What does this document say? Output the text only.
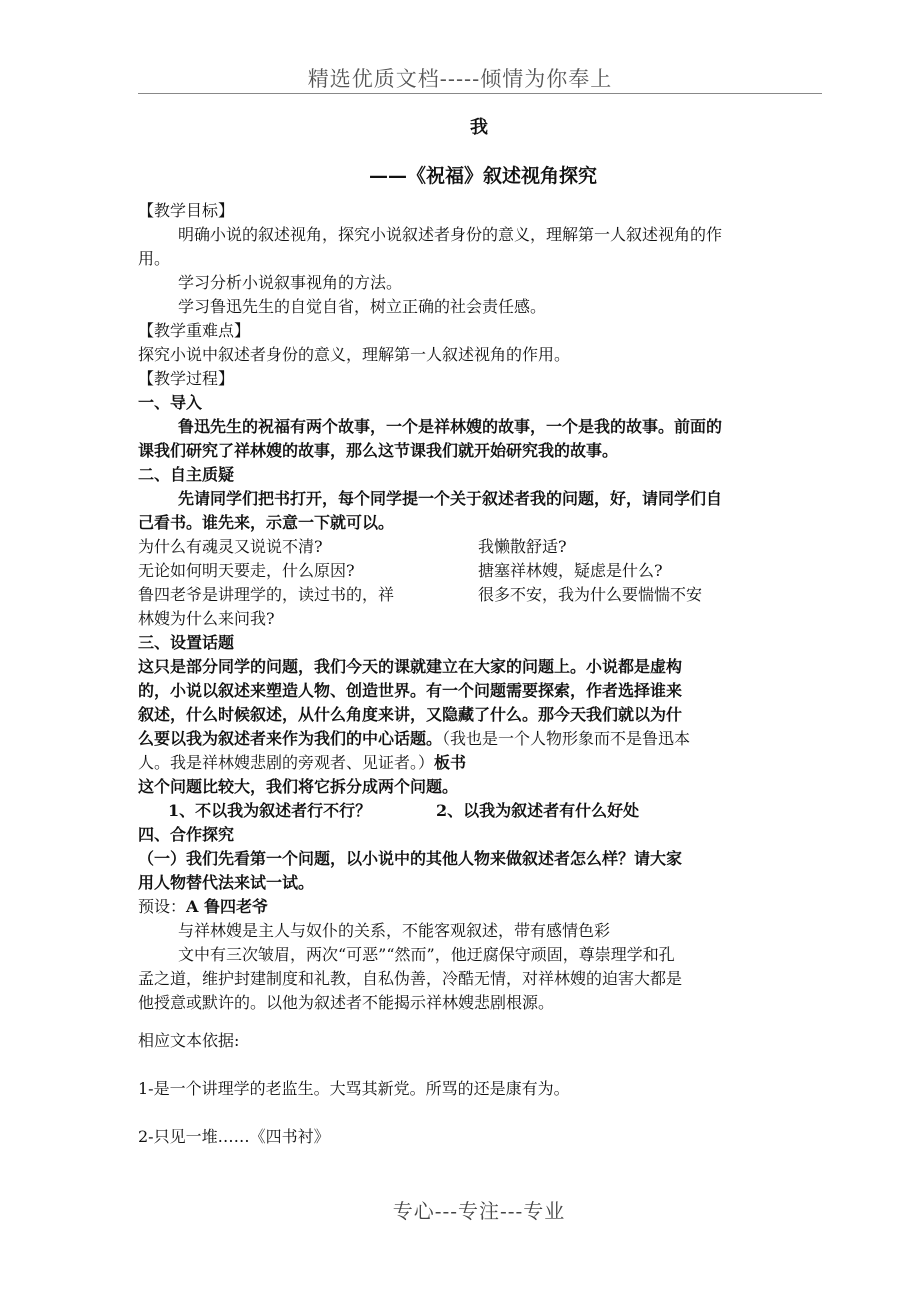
精选优质文档-----倾情为你奉上
我
——《祝福》叙述视角探究
【教学目标】
明确小说的叙述视角，探究小说叙述者身份的意义，理解第一人叙述视角的作
用。
学习分析小说叙事视角的方法。
学习鲁迅先生的自觉自省，树立正确的社会责任感。
【教学重难点】
探究小说中叙述者身份的意义，理解第一人叙述视角的作用。
【教学过程】
一、导入
鲁迅先生的祝福有两个故事，一个是祥林嫂的故事，一个是我的故事。前面的
课我们研究了祥林嫂的故事，那么这节课我们就开始研究我的故事。
二、自主质疑
先请同学们把书打开，每个同学提一个关于叙述者我的问题，好，请同学们自
己看书。谁先来，示意一下就可以。
为什么有魂灵又说说不清?	我懒散舒适?
无论如何明天要走，什么原因?	搪塞祥林嫂，疑虑是什么?
鲁四老爷是讲理学的，读过书的，祥	很多不安，我为什么要惴惴不安
林嫂为什么来问我?
三、设置话题
这只是部分同学的问题，我们今天的课就建立在大家的问题上。小说都是虚构
的，小说以叙述来塑造人物、创造世界。有一个问题需要探索，作者选择谁来
叙述，什么时候叙述，从什么角度来讲，又隐藏了什么。那今天我们就以为什
么要以我为叙述者来作为我们的中心话题。（我也是一个人物形象而不是鲁迅本
人。我是祥林嫂悲剧的旁观者、见证者。）板书
这个问题比较大，我们将它拆分成两个问题。
1、不以我为叙述者行不行？	2、以我为叙述者有什么好处
四、合作探究
（一）我们先看第一个问题，以小说中的其他人物来做叙述者怎么样？请大家
用人物替代法来试一试。
预设：A 鲁四老爷
与祥林嫂是主人与奴仆的关系，不能客观叙述，带有感情色彩
文中有三次皱眉，两次“可恶”“然而”，他迂腐保守顽固，尊崇理学和孔
孟之道，维护封建制度和礼教，自私伪善，冷酷无情，对祥林嫂的迫害大都是
他授意或默许的。以他为叙述者不能揭示祥林嫂悲剧根源。
相应文本依据:
1-是一个讲理学的老监生。大骂其新党。所骂的还是康有为。
2-只见一堆……《四书衬》
专心---专注---专业
